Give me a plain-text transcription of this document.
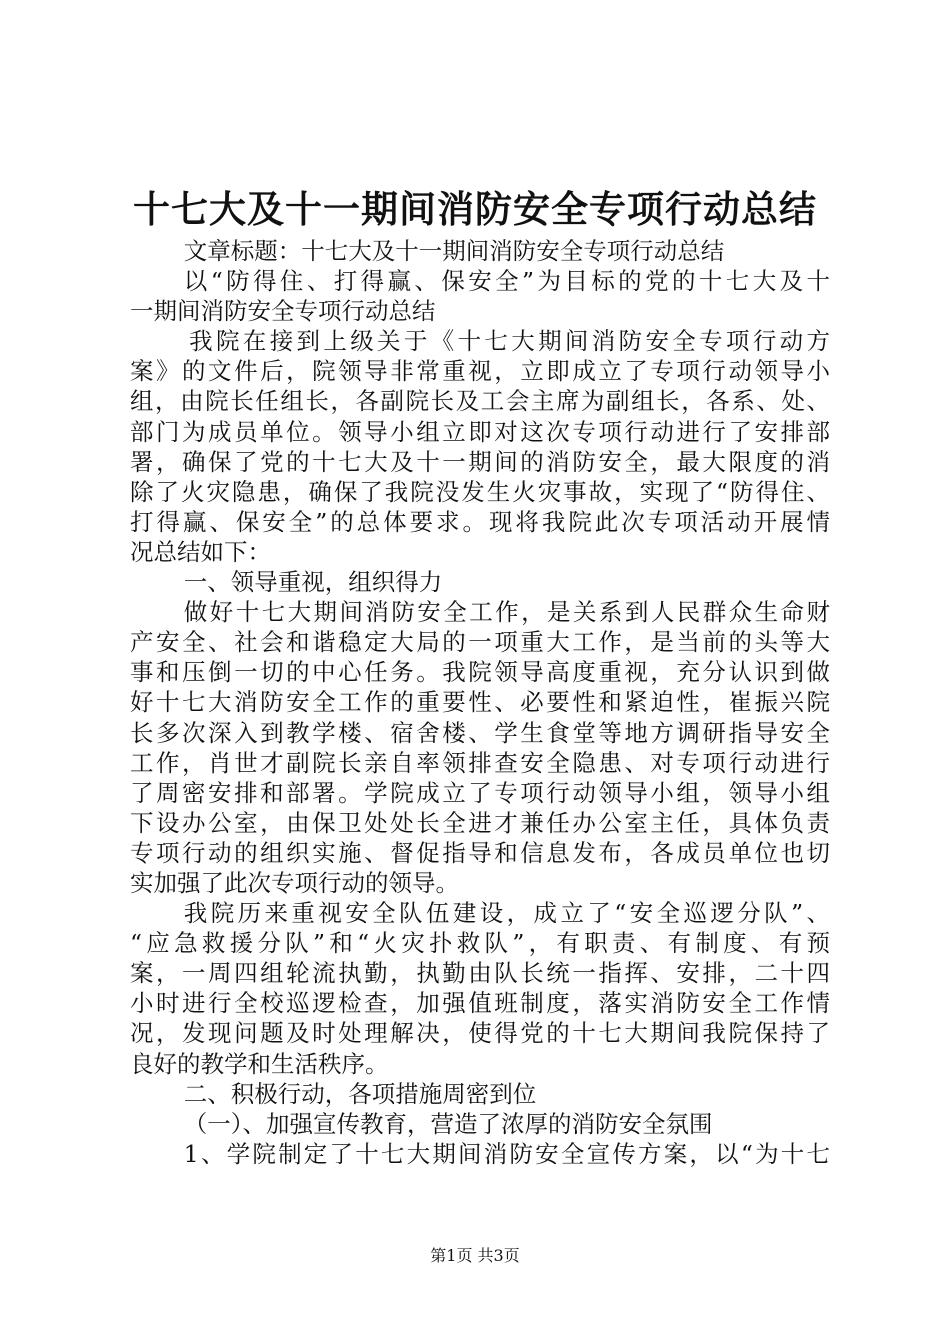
十七大及十一期间消防安全专项行动总结
文章标题：十七大及十一期间消防安全专项行动总结
以“防得住、打得赢、保安全”为目标的党的十七大及十
一期间消防安全专项行动总结
我院在接到上级关于《十七大期间消防安全专项行动方
案》的文件后，院领导非常重视，立即成立了专项行动领导小
组，由院长任组长，各副院长及工会主席为副组长，各系、处、
部门为成员单位。领导小组立即对这次专项行动进行了安排部
署，确保了党的十七大及十一期间的消防安全，最大限度的消
除了火灾隐患，确保了我院没发生火灾事故，实现了“防得住、
打得赢、保安全”的总体要求。现将我院此次专项活动开展情
况总结如下：
一、领导重视，组织得力
做好十七大期间消防安全工作，是关系到人民群众生命财
产安全、社会和谐稳定大局的一项重大工作，是当前的头等大
事和压倒一切的中心任务。我院领导高度重视，充分认识到做
好十七大消防安全工作的重要性、必要性和紧迫性，崔振兴院
长多次深入到教学楼、宿舍楼、学生食堂等地方调研指导安全
工作，肖世才副院长亲自率领排查安全隐患、对专项行动进行
了周密安排和部署。学院成立了专项行动领导小组，领导小组
下设办公室，由保卫处处长全进才兼任办公室主任，具体负责
专项行动的组织实施、督促指导和信息发布，各成员单位也切
实加强了此次专项行动的领导。
我院历来重视安全队伍建设，成立了“安全巡逻分队”、
“应急救援分队”和“火灾扑救队”，有职责、有制度、有预
案，一周四组轮流执勤，执勤由队长统一指挥、安排，二十四
小时进行全校巡逻检查，加强值班制度，落实消防安全工作情
况，发现问题及时处理解决，使得党的十七大期间我院保持了
良好的教学和生活秩序。
二、积极行动，各项措施周密到位
（一）、加强宣传教育，营造了浓厚的消防安全氛围
1、学院制定了十七大期间消防安全宣传方案，以“为十七
第1页 共3页
